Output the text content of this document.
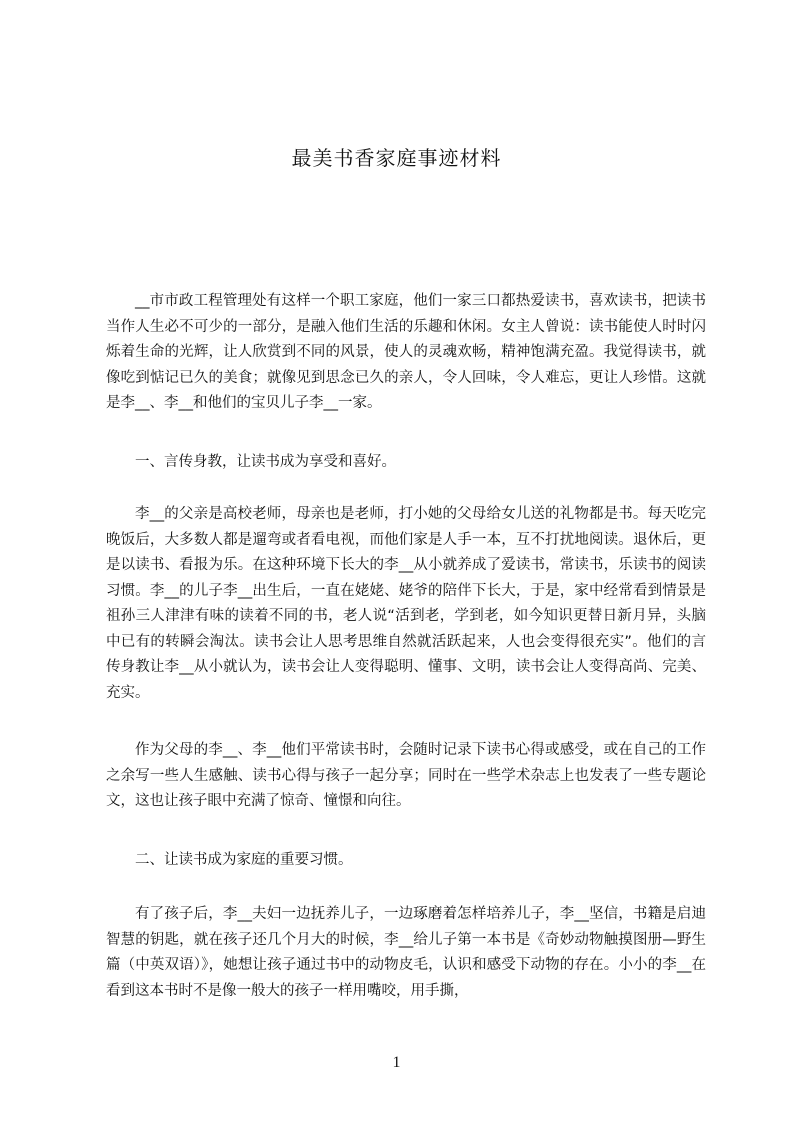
最美书香家庭事迹材料

__市市政工程管理处有这样一个职工家庭，他们一家三口都热爱读书，喜欢读书，把读书当作人生必不可少的一部分，是融入他们生活的乐趣和休闲。女主人曾说：读书能使人时时闪烁着生命的光辉，让人欣赏到不同的风景，使人的灵魂欢畅，精神饱满充盈。我觉得读书，就像吃到惦记已久的美食；就像见到思念已久的亲人，令人回味，令人难忘，更让人珍惜。这就是李__、李__和他们的宝贝儿子李__一家。

一、言传身教，让读书成为享受和喜好。

李__的父亲是高校老师，母亲也是老师，打小她的父母给女儿送的礼物都是书。每天吃完晚饭后，大多数人都是遛弯或者看电视，而他们家是人手一本，互不打扰地阅读。退休后，更是以读书、看报为乐。在这种环境下长大的李__从小就养成了爱读书，常读书，乐读书的阅读习惯。李__的儿子李__出生后，一直在姥姥、姥爷的陪伴下长大，于是，家中经常看到情景是祖孙三人津津有味的读着不同的书，老人说“活到老，学到老，如今知识更替日新月异，头脑中已有的转瞬会淘汰。读书会让人思考思维自然就活跃起来，人也会变得很充实”。他们的言传身教让李__从小就认为，读书会让人变得聪明、懂事、文明，读书会让人变得高尚、完美、充实。

作为父母的李__、李__他们平常读书时，会随时记录下读书心得或感受，或在自己的工作之余写一些人生感触、读书心得与孩子一起分享；同时在一些学术杂志上也发表了一些专题论文，这也让孩子眼中充满了惊奇、憧憬和向往。

二、让读书成为家庭的重要习惯。

有了孩子后，李__夫妇一边抚养儿子，一边琢磨着怎样培养儿子，李__坚信，书籍是启迪智慧的钥匙，就在孩子还几个月大的时候，李__给儿子第一本书是《奇妙动物触摸图册—野生篇（中英双语）》，她想让孩子通过书中的动物皮毛，认识和感受下动物的存在。小小的李__在看到这本书时不是像一般大的孩子一样用嘴咬，用手撕，

1
